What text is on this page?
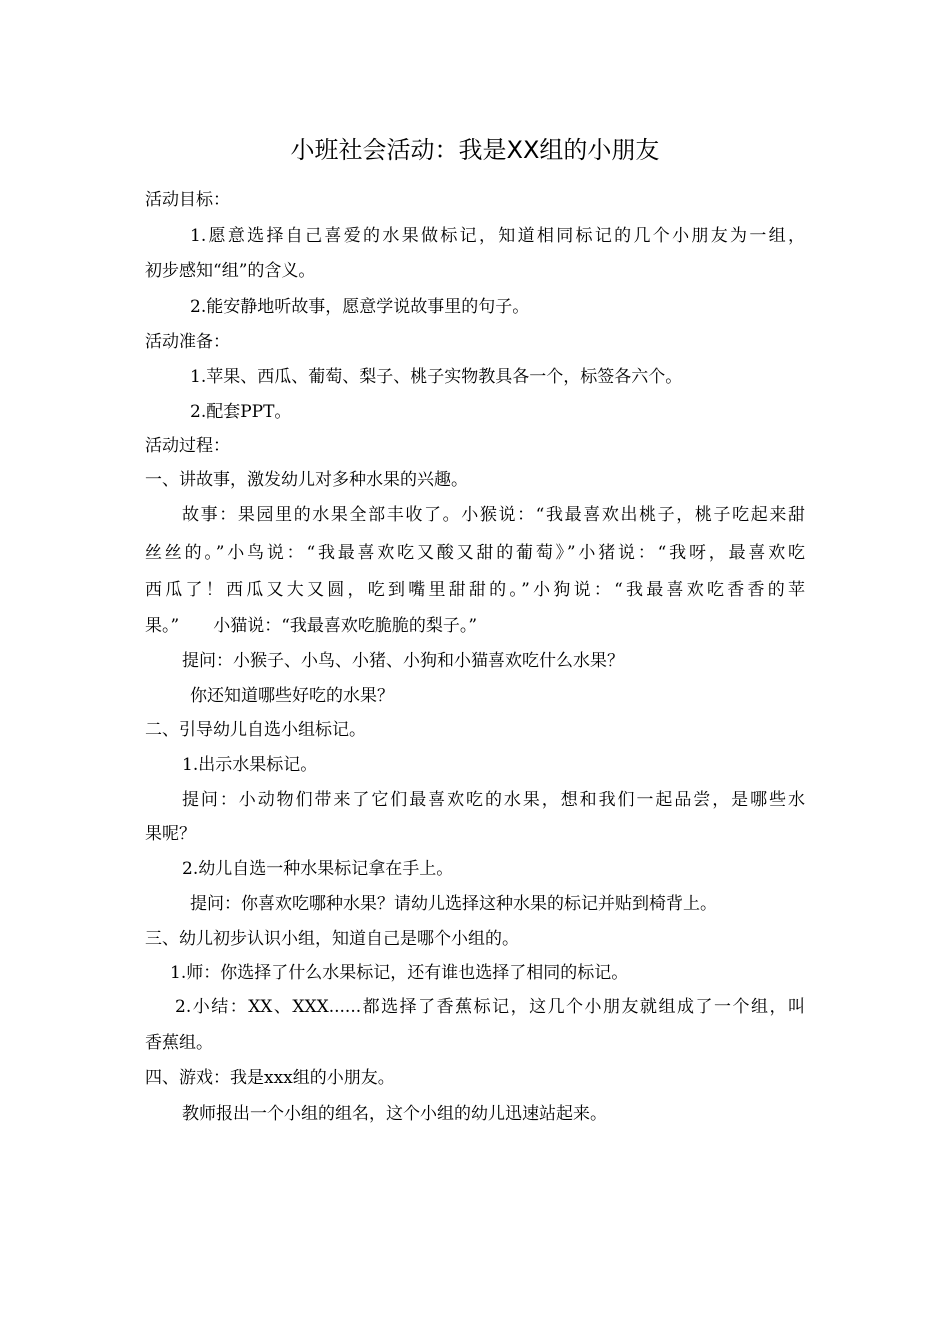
小班社会活动：我是XX组的小朋友

活动目标：

1.愿意选择自己喜爱的水果做标记，知道相同标记的几个小朋友为一组，

初步感知“组”的含义。

2.能安静地听故事，愿意学说故事里的句子。

活动准备：

1.苹果、西瓜、葡萄、梨子、桃子实物教具各一个，标签各六个。

2.配套PPT。

活动过程：

一、讲故事，激发幼儿对多种水果的兴趣。

故事：果园里的水果全部丰收了。小猴说：“我最喜欢出桃子，桃子吃起来甜

丝丝的。”小鸟说：“我最喜欢吃又酸又甜的葡萄》”小猪说：“我呀，最喜欢吃

西瓜了！西瓜又大又圆，吃到嘴里甜甜的。”小狗说：“我最喜欢吃香香的苹

果。”　　小猫说：“我最喜欢吃脆脆的梨子。”

提问：小猴子、小鸟、小猪、小狗和小猫喜欢吃什么水果？

你还知道哪些好吃的水果？

二、引导幼儿自选小组标记。

1.出示水果标记。

提问：小动物们带来了它们最喜欢吃的水果，想和我们一起品尝，是哪些水

果呢？

2.幼儿自选一种水果标记拿在手上。

提问：你喜欢吃哪种水果？请幼儿选择这种水果的标记并贴到椅背上。

三、幼儿初步认识小组，知道自己是哪个小组的。

1.师：你选择了什么水果标记，还有谁也选择了相同的标记。

2.小结：XX、XXX......都选择了香蕉标记，这几个小朋友就组成了一个组，叫

香蕉组。

四、游戏：我是xxx组的小朋友。

教师报出一个小组的组名，这个小组的幼儿迅速站起来。
